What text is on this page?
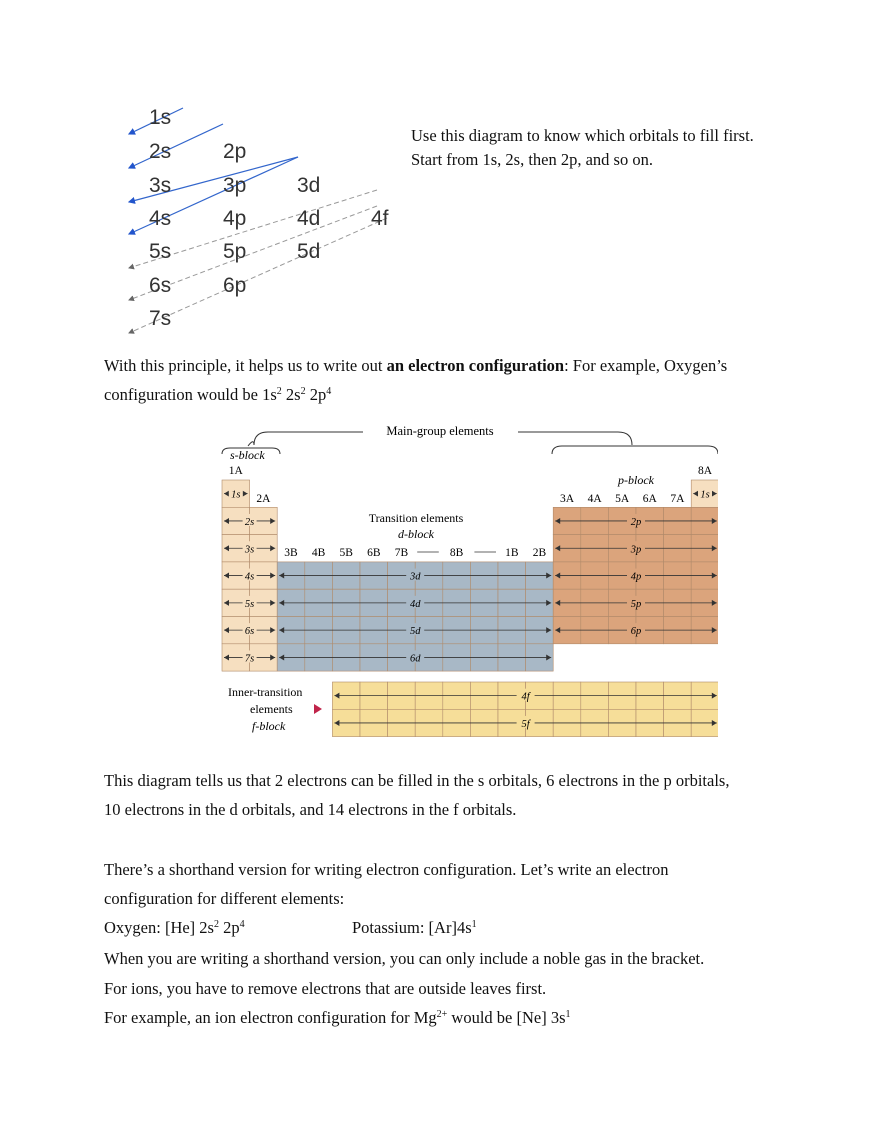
1s
2s 2p
3s 3p 3d
4s 4p 4d 4f
5s 5p 5d
6s 6p
7s
Use this diagram to know which orbitals to fill first.
Start from 1s, 2s, then 2p, and so on.
With this principle, it helps us to write out an electron configuration: For example, Oxygen’s
configuration would be $1s^2$ $2s^2$ $2p^4$
Main-group elements
s-block
p-block
Transition elements
d-block
Inner-transition
elements
f-block
1A
2A	3A 4A 5A 6A 7A
8A
3B 4B 5B 6B 7B	8B	1B 2B
1s
2s
3s
4s
5s
6s
7s
1s
2p
3p
4p
5p
6p
3d
4d
5d
6d
4f
5f
This diagram tells us that 2 electrons can be filled in the s orbitals, 6 electrons in the p orbitals,
10 electrons in the d orbitals, and 14 electrons in the f orbitals.
There’s a shorthand version for writing electron configuration. Let’s write an electron
configuration for different elements:
Oxygen: [He] $2s^2$ $2p^4$	Potassium: $[Ar]4s^1$
When you are writing a shorthand version, you can only include a noble gas in the bracket.
For ions, you have to remove electrons that are outside leaves first.
For example, an ion electron configuration for $Mg^{2+}$ would be [Ne] $3s^1$
